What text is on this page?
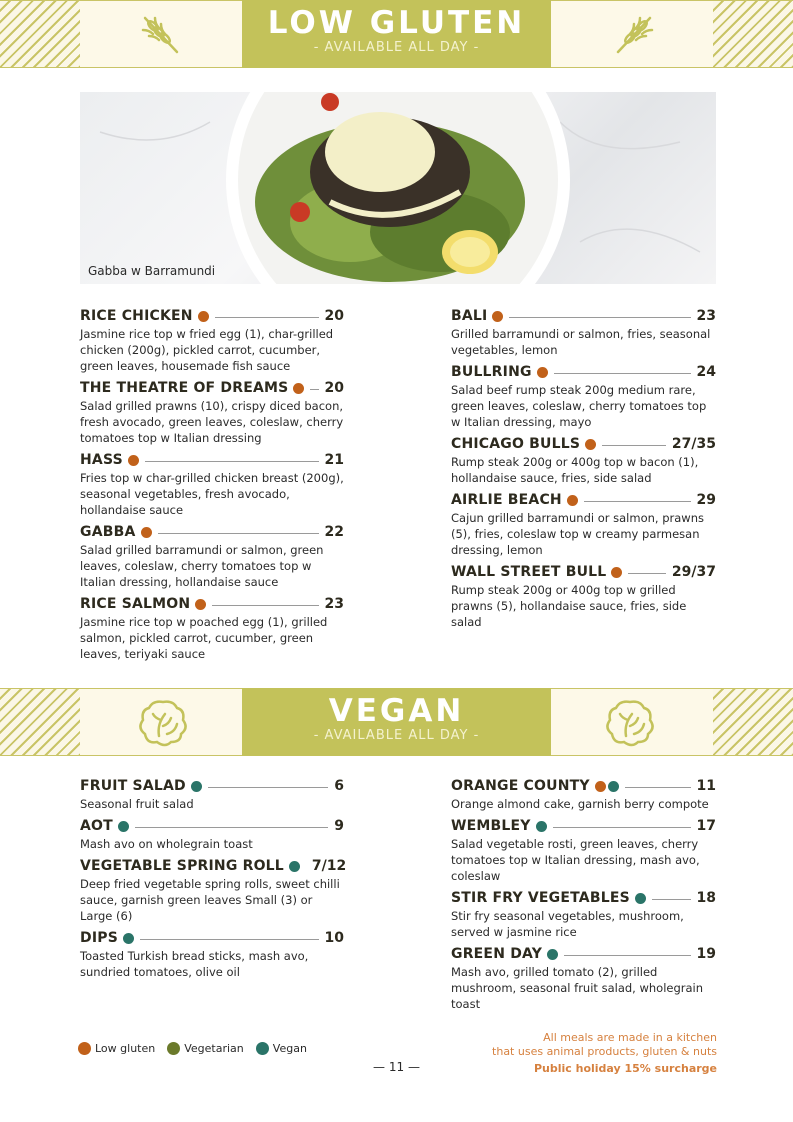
LOW GLUTEN
- AVAILABLE ALL DAY -
Gabba w Barramundi
RICE CHICKEN	20
Jasmine rice top w fried egg (1), char-grilled chicken (200g), pickled carrot, cucumber, green leaves, housemade fish sauce
THE THEATRE OF DREAMS	20
Salad grilled prawns (10), crispy diced bacon, fresh avocado, green leaves, coleslaw, cherry tomatoes top w Italian dressing
HASS	21
Fries top w char-grilled chicken breast (200g), seasonal vegetables, fresh avocado, hollandaise sauce
GABBA	22
Salad grilled barramundi or salmon, green leaves, coleslaw, cherry tomatoes top w Italian dressing, hollandaise sauce
RICE SALMON	23
Jasmine rice top w poached egg (1), grilled salmon, pickled carrot, cucumber, green leaves, teriyaki sauce
BALI	23
Grilled barramundi or salmon, fries, seasonal vegetables, lemon
BULLRING	24
Salad beef rump steak 200g medium rare, green leaves, coleslaw, cherry tomatoes top w Italian dressing, mayo
CHICAGO BULLS	27/35
Rump steak 200g or 400g top w bacon (1), hollandaise sauce, fries, side salad
AIRLIE BEACH	29
Cajun grilled barramundi or salmon, prawns (5), fries, coleslaw top w creamy parmesan dressing, lemon
WALL STREET BULL	29/37
Rump steak 200g or 400g top w grilled prawns (5), hollandaise sauce, fries, side salad
VEGAN
- AVAILABLE ALL DAY -
FRUIT SALAD	6
Seasonal fruit salad
AOT	9
Mash avo on wholegrain toast
VEGETABLE SPRING ROLL 7/12
Deep fried vegetable spring rolls, sweet chilli sauce, garnish green leaves Small (3) or Large (6)
DIPS	10
Toasted Turkish bread sticks, mash avo, sundried tomatoes, olive oil
ORANGE COUNTY	11
Orange almond cake, garnish berry compote
WEMBLEY	17
Salad vegetable rosti, green leaves, cherry tomatoes top w Italian dressing, mash avo, coleslaw
STIR FRY VEGETABLES	18
Stir fry seasonal vegetables, mushroom, served w jasmine rice
GREEN DAY	19
Mash avo, grilled tomato (2), grilled mushroom, seasonal fruit salad, wholegrain toast
Low gluten	Vegetarian	Vegan
All meals are made in a kitchen
that uses animal products, gluten & nuts
Public holiday 15% surcharge
— 11 —
